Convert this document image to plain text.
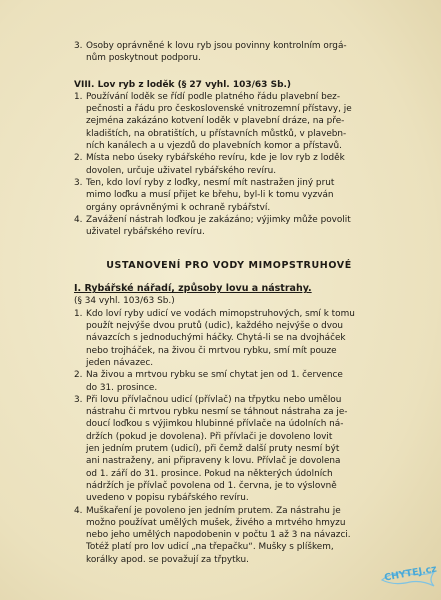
3. Osoby oprávněné k lovu ryb jsou povinny kontrolním orgá-
nům poskytnout podporu.
VIII. Lov ryb z loděk (§ 27 vyhl. 103/63 Sb.)
1. Používání loděk se řídí podle platného řádu plavební bez-
pečnosti a řádu pro československé vnitrozemní přístavy, je
zejména zakázáno kotvení loděk v plavební dráze, na pře-
kladištích, na obratištích, u přístavních můstků, v plavebn-
ních kanálech a u vjezdů do plavebních komor a přístavů.
2. Místa nebo úseky rybářského revíru, kde je lov ryb z loděk
dovolen, určuje uživatel rybářského revíru.
3. Ten, kdo loví ryby z loďky, nesmí mít nastražen jiný prut
mimo loďku a musí přijet ke břehu, byl-li k tomu vyzván
orgány oprávněnými k ochraně rybářství.
4. Zavážení nástrah loďkou je zakázáno; výjimky může povolit
uživatel rybářského revíru.
USTANOVENÍ PRO VODY MIMOPSTRUHOVÉ
I. Rybářské nářadí, způsoby lovu a nástrahy.
(§ 34 vyhl. 103/63 Sb.)
1. Kdo loví ryby udicí ve vodách mimopstruhových, smí k tomu
použít nejvýše dvou prutů (udic), každého nejvýše o dvou
návazcích s jednoduchými háčky. Chytá-li se na dvojháček
nebo trojháček, na živou či mrtvou rybku, smí mít pouze
jeden návazec.
2. Na živou a mrtvou rybku se smí chytat jen od 1. července
do 31. prosince.
3. Při lovu přívlačnou udicí (přívlač) na třpytku nebo umělou
nástrahu či mrtvou rybku nesmí se táhnout nástraha za je-
doucí loďkou s výjimkou hlubinné přívlače na údolních ná-
držích (pokud je dovolena). Při přívlači je dovoleno lovit
jen jedním prutem (udicí), při čemž další pruty nesmí být
ani nastraženy, ani připraveny k lovu. Přívlač je dovolena
od 1. září do 31. prosince. Pokud na některých údolních
nádržích je přívlač povolena od 1. června, je to výslovně
uvedeno v popisu rybářského revíru.
4. Muškaření je povoleno jen jedním prutem. Za nástrahu je
možno používat umělých mušek, živého a mrtvého hmyzu
nebo jeho umělých napodobenin v počtu 1 až 3 na návazci.
Totéž platí pro lov udicí „na třepačku“. Mušky s plíškem,
korálky apod. se považují za třpytku.
CHYTEJ.cz
